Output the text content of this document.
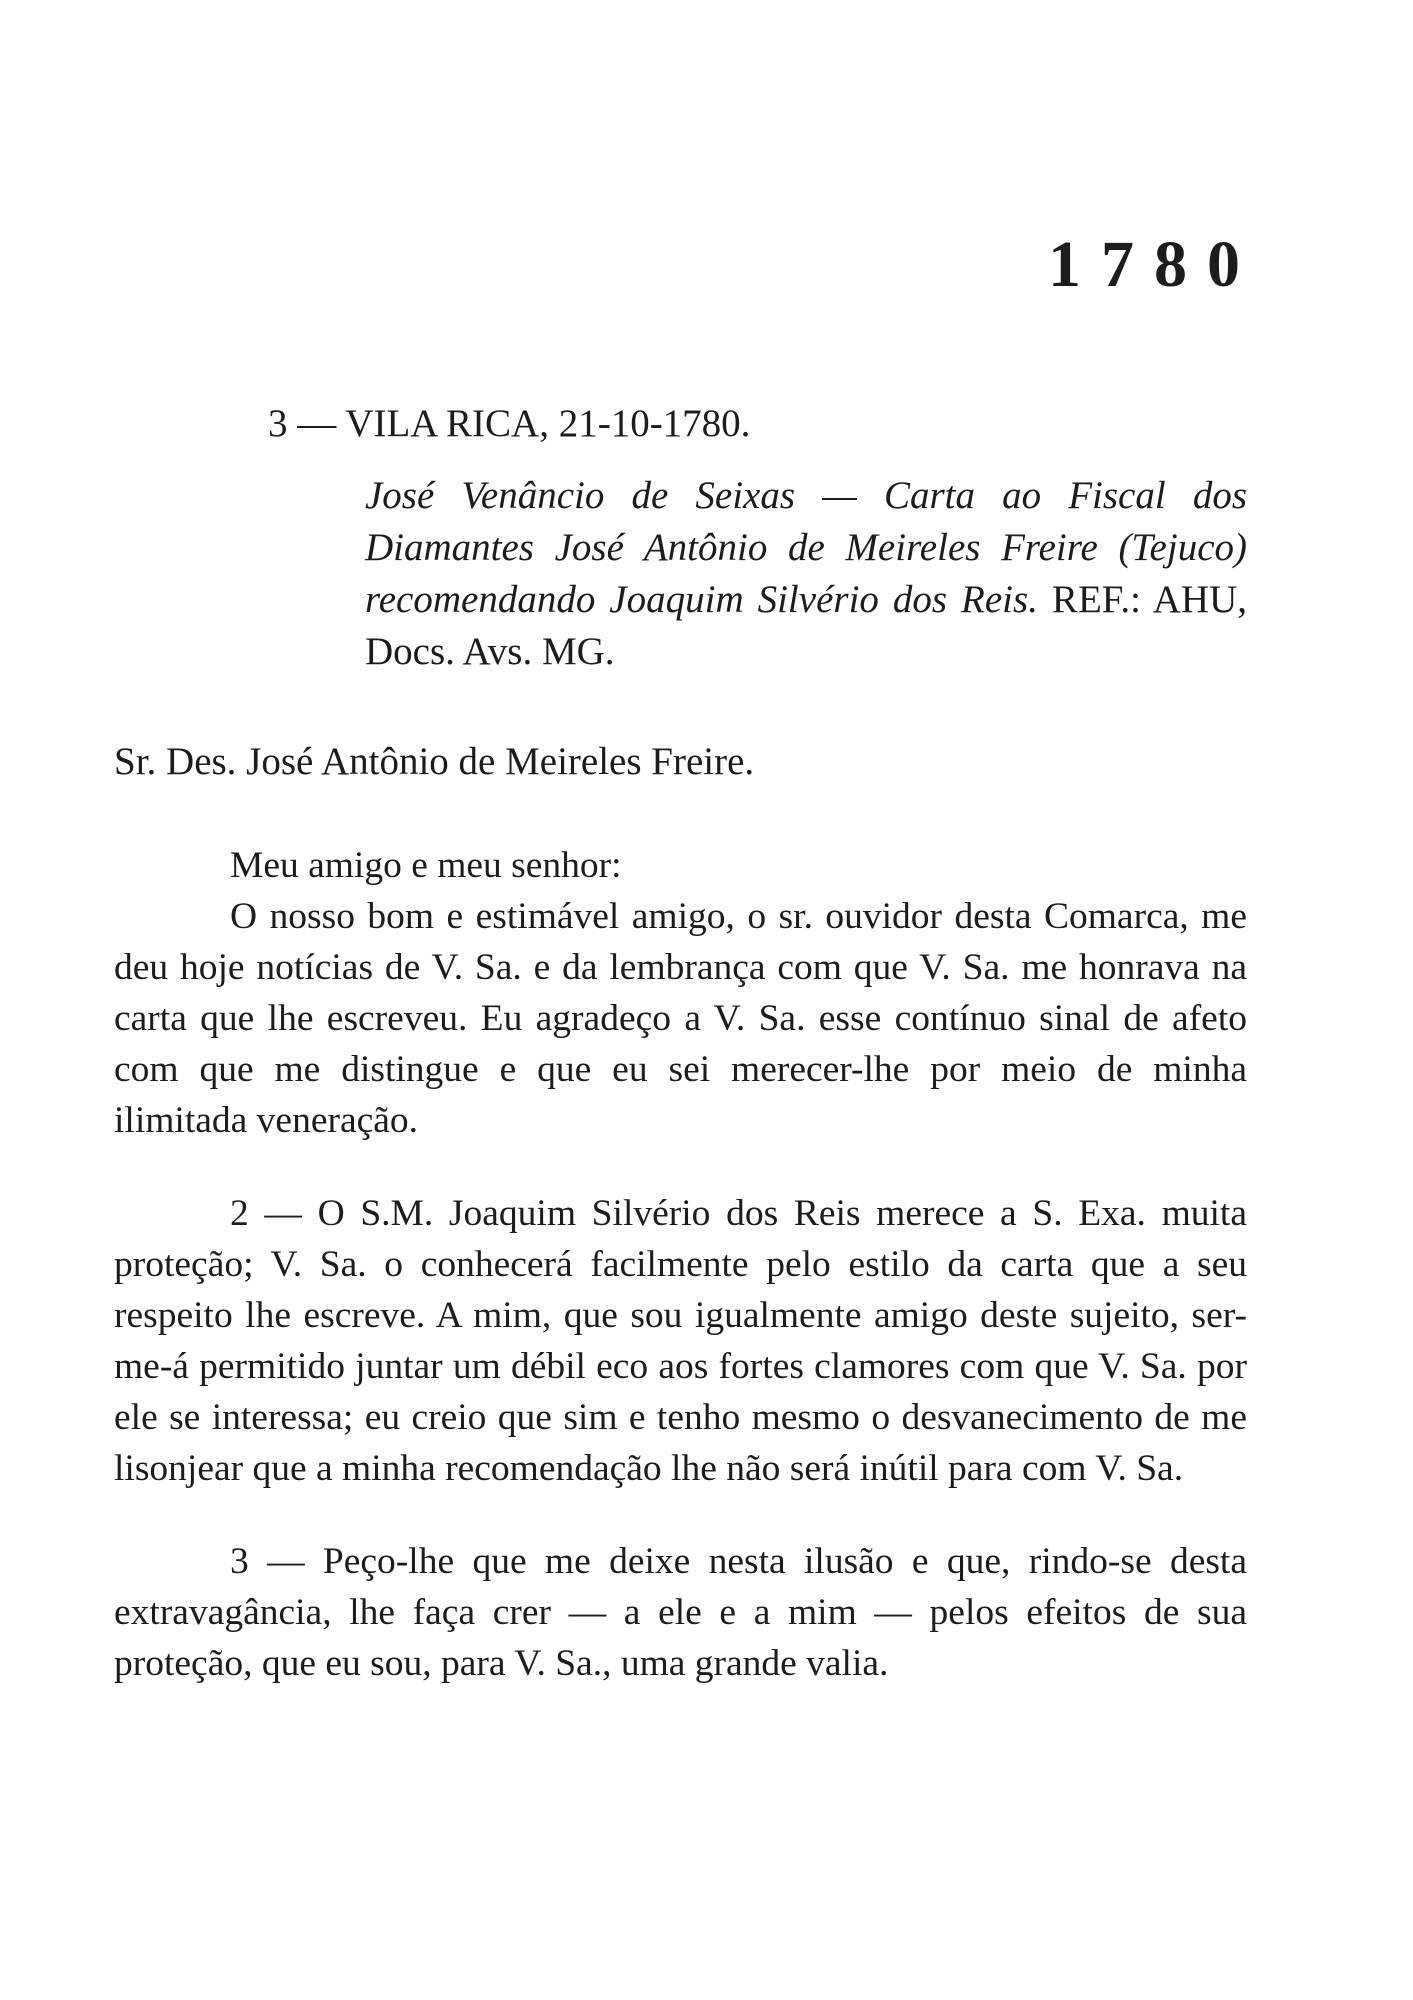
1780
3 — VILA RICA, 21-10-1780.
José Venâncio de Seixas — Carta ao Fiscal dos Diamantes José Antônio de Meireles Freire (Tejuco) recomendando Joaquim Silvério dos Reis. REF.: AHU, Docs. Avs. MG.
Sr. Des. José Antônio de Meireles Freire.

Meu amigo e meu senhor:

O nosso bom e estimável amigo, o sr. ouvidor desta Comarca, me deu hoje notícias de V. Sa. e da lembrança com que V. Sa. me honrava na carta que lhe escreveu. Eu agradeço a V. Sa. esse contínuo sinal de afeto com que me distingue e que eu sei merecer-lhe por meio de minha ilimitada veneração.

2 — O S.M. Joaquim Silvério dos Reis merece a S. Exa. muita proteção; V. Sa. o conhecerá facilmente pelo estilo da carta que a seu respeito lhe escreve. A mim, que sou igualmente amigo deste sujeito, ser-me-á permitido juntar um débil eco aos fortes clamores com que V. Sa. por ele se interessa; eu creio que sim e tenho mesmo o desvanecimento de me lisonjear que a minha recomendação lhe não será inútil para com V. Sa.

3 — Peço-lhe que me deixe nesta ilusão e que, rindo-se desta extravagância, lhe faça crer — a ele e a mim — pelos efeitos de sua proteção, que eu sou, para V. Sa., uma grande valia.
